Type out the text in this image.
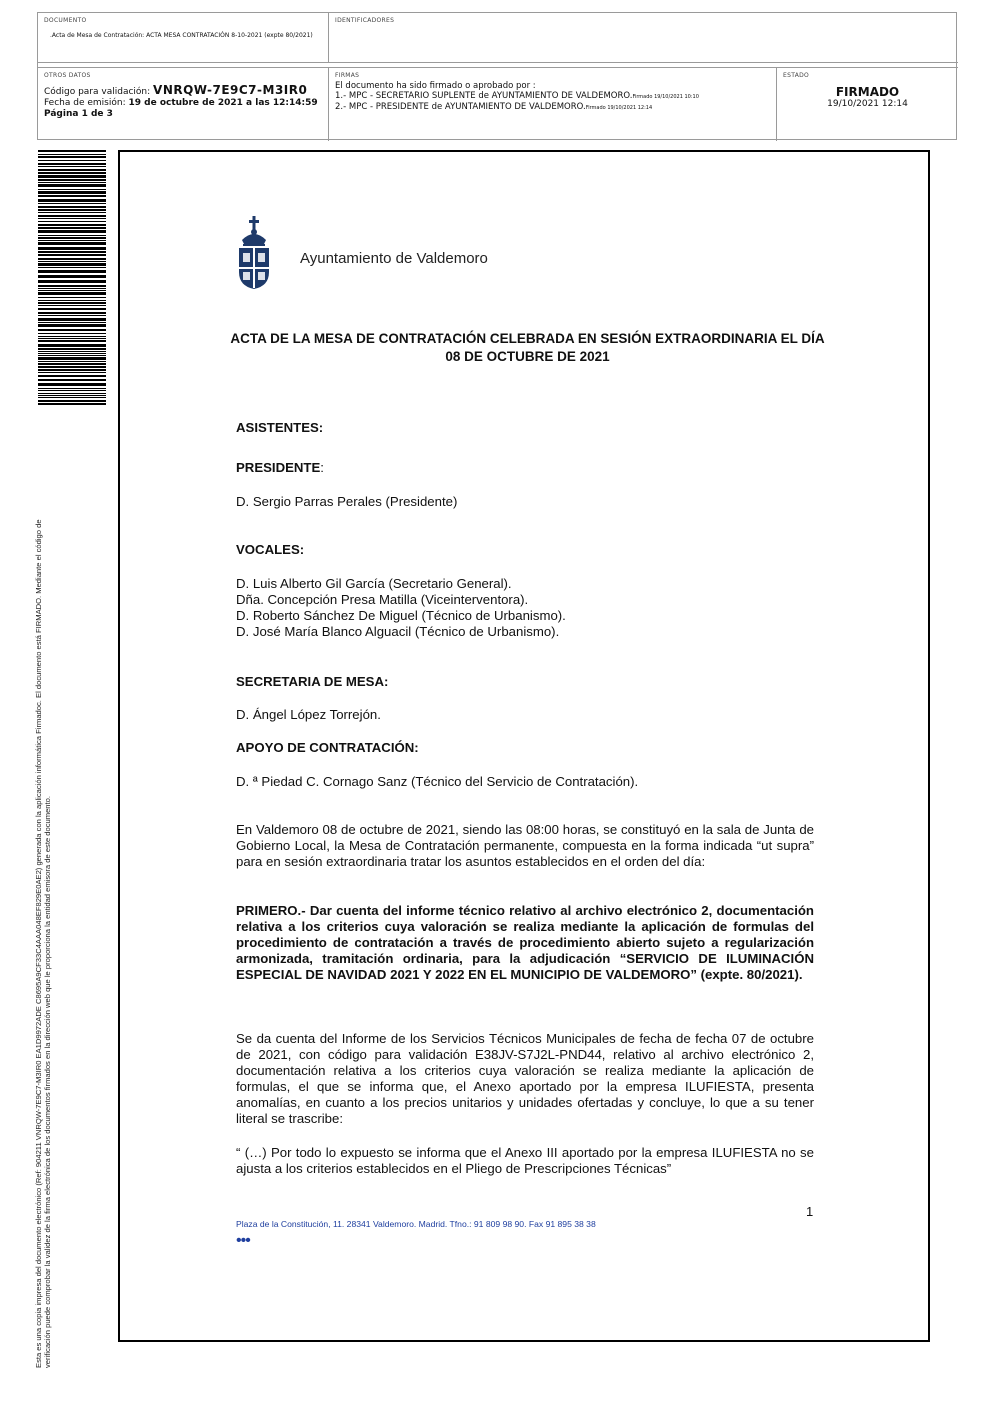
DOCUMENTO
.Acta de Mesa de Contratación: ACTA MESA CONTRATACIÓN 8-10-2021 (expte 80/2021)
IDENTIFICADORES
OTROS DATOS
Código para validación: VNRQW-7E9C7-M3IR0
Fecha de emisión: 19 de octubre de 2021 a las 12:14:59
Página 1 de 3
FIRMAS
El documento ha sido firmado o aprobado por :
1.- MPC - SECRETARIO SUPLENTE de AYUNTAMIENTO DE VALDEMORO.Firmado 19/10/2021 10:10
2.- MPC - PRESIDENTE de AYUNTAMIENTO DE VALDEMORO.Firmado 19/10/2021 12:14
ESTADO
FIRMADO
19/10/2021 12:14
Esta es una copia impresa del documento electrónico (Ref: 904211 VNRQW-7E9C7-M3IR0 EA1D9972ADE C8695A9CF33C4AAA048EF829E0AE2) generada con la aplicación informática Firmadoc. El documento está FIRMADO. Mediante el código de verificación puede comprobar la validez de la firma electrónica de los documentos firmados en la dirección web que le proporciona la entidad emisora de este documento.
Ayuntamiento de Valdemoro
ACTA DE LA MESA DE CONTRATACIÓN CELEBRADA EN SESIÓN EXTRAORDINARIA EL DÍA 08 DE OCTUBRE DE 2021
ASISTENTES:
PRESIDENTE:
D. Sergio Parras Perales (Presidente)
VOCALES:
D. Luis Alberto Gil García (Secretario General).
Dña. Concepción Presa Matilla (Viceinterventora).
D. Roberto Sánchez De Miguel (Técnico de Urbanismo).
D. José María Blanco Alguacil (Técnico de Urbanismo).
SECRETARIA DE MESA:
D. Ángel López Torrejón.
APOYO DE CONTRATACIÓN:
D. ª Piedad C. Cornago Sanz (Técnico del Servicio de Contratación).
En Valdemoro 08 de octubre de 2021, siendo las 08:00 horas, se constituyó en la sala de Junta de Gobierno Local, la Mesa de Contratación permanente, compuesta en la forma indicada “ut supra” para en sesión extraordinaria tratar los asuntos establecidos en el orden del día:
PRIMERO.- Dar cuenta del informe técnico relativo al archivo electrónico 2, documentación relativa a los criterios cuya valoración se realiza mediante la aplicación de formulas del procedimiento de contratación a través de procedimiento abierto sujeto a regularización armonizada, tramitación ordinaria, para la adjudicación “SERVICIO DE ILUMINACIÓN ESPECIAL DE NAVIDAD 2021 Y 2022 EN EL MUNICIPIO DE VALDEMORO” (expte. 80/2021).
Se da cuenta del Informe de los Servicios Técnicos Municipales de fecha de fecha 07 de octubre de 2021, con código para validación E38JV-S7J2L-PND44, relativo al archivo electrónico 2, documentación relativa a los criterios cuya valoración se realiza mediante la aplicación de formulas, el que se informa que, el Anexo aportado por la empresa ILUFIESTA, presenta anomalías, en cuanto a los precios unitarios y unidades ofertadas y concluye, lo que a su tener literal se trascribe:
“ (…) Por todo lo expuesto se informa que el Anexo III aportado por la empresa ILUFIESTA no se ajusta a los criterios establecidos en el Pliego de Prescripciones Técnicas”
1
Plaza de la Constitución, 11. 28341 Valdemoro. Madrid. Tfno.: 91 809 98 90. Fax 91 895 38 38
•••
